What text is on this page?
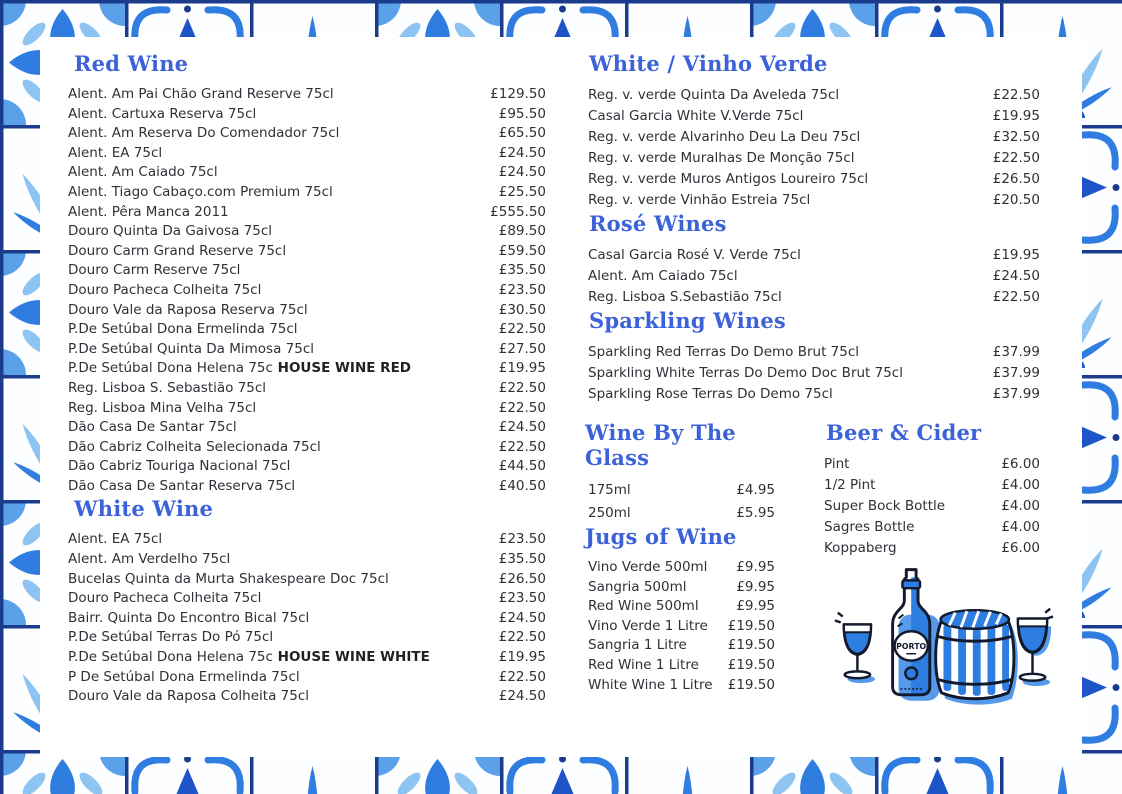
Red Wine
Alent. Am Pai Chão Grand Reserve 75cl	£129.50
Alent. Cartuxa Reserva 75cl	£95.50
Alent. Am Reserva Do Comendador 75cl	£65.50
Alent. EA 75cl	£24.50
Alent. Am Caiado 75cl	£24.50
Alent. Tiago Cabaço.com Premium 75cl	£25.50
Alent. Pêra Manca 2011	£555.50
Douro Quinta Da Gaivosa 75cl	£89.50
Douro Carm Grand Reserve 75cl	£59.50
Douro Carm Reserve 75cl	£35.50
Douro Pacheca Colheita 75cl	£23.50
Douro Vale da Raposa Reserva 75cl	£30.50
P.De Setúbal Dona Ermelinda 75cl	£22.50
P.De Setúbal Quinta Da Mimosa 75cl	£27.50
P.De Setúbal Dona Helena 75c HOUSE WINE RED	£19.95
Reg. Lisboa S. Sebastião 75cl	£22.50
Reg. Lisboa Mina Velha 75cl	£22.50
Dão Casa De Santar 75cl	£24.50
Dão Cabriz Colheita Selecionada 75cl	£22.50
Dão Cabriz Touriga Nacional 75cl	£44.50
Dão Casa De Santar Reserva 75cl	£40.50
White Wine
Alent. EA 75cl	£23.50
Alent. Am Verdelho 75cl	£35.50
Bucelas Quinta da Murta Shakespeare Doc 75cl	£26.50
Douro Pacheca Colheita 75cl	£23.50
Bairr. Quinta Do Encontro Bical 75cl	£24.50
P.De Setúbal Terras Do Pó 75cl	£22.50
P.De Setúbal Dona Helena 75c HOUSE WINE WHITE	£19.95
P De Setúbal Dona Ermelinda 75cl	£22.50
Douro Vale da Raposa Colheita 75cl	£24.50
White / Vinho Verde
Reg. v. verde Quinta Da Aveleda 75cl	£22.50
Casal Garcia White V.Verde 75cl	£19.95
Reg. v. verde Alvarinho Deu La Deu 75cl	£32.50
Reg. v. verde Muralhas De Monção 75cl	£22.50
Reg. v. verde Muros Antigos Loureiro 75cl	£26.50
Reg. v. verde Vinhão Estreia 75cl	£20.50
Rosé Wines
Casal Garcia Rosé V. Verde 75cl	£19.95
Alent. Am Caiado 75cl	£24.50
Reg. Lisboa S.Sebastião 75cl	£22.50
Sparkling Wines
Sparkling Red Terras Do Demo Brut 75cl	£37.99
Sparkling White Terras Do Demo Doc Brut 75cl	£37.99
Sparkling Rose Terras Do Demo 75cl	£37.99
Wine By The Glass
175ml	£4.95
250ml	£5.95
Jugs of Wine
Vino Verde 500ml	£9.95
Sangria 500ml	£9.95
Red Wine 500ml	£9.95
Vino Verde 1 Litre	£19.50
Sangria 1 Litre	£19.50
Red Wine 1 Litre	£19.50
White Wine 1 Litre	£19.50
Beer & Cider
Pint	£6.00
1/2 Pint	£4.00
Super Bock Bottle	£4.00
Sagres Bottle	£4.00
Koppaberg	£6.00
PORTO
